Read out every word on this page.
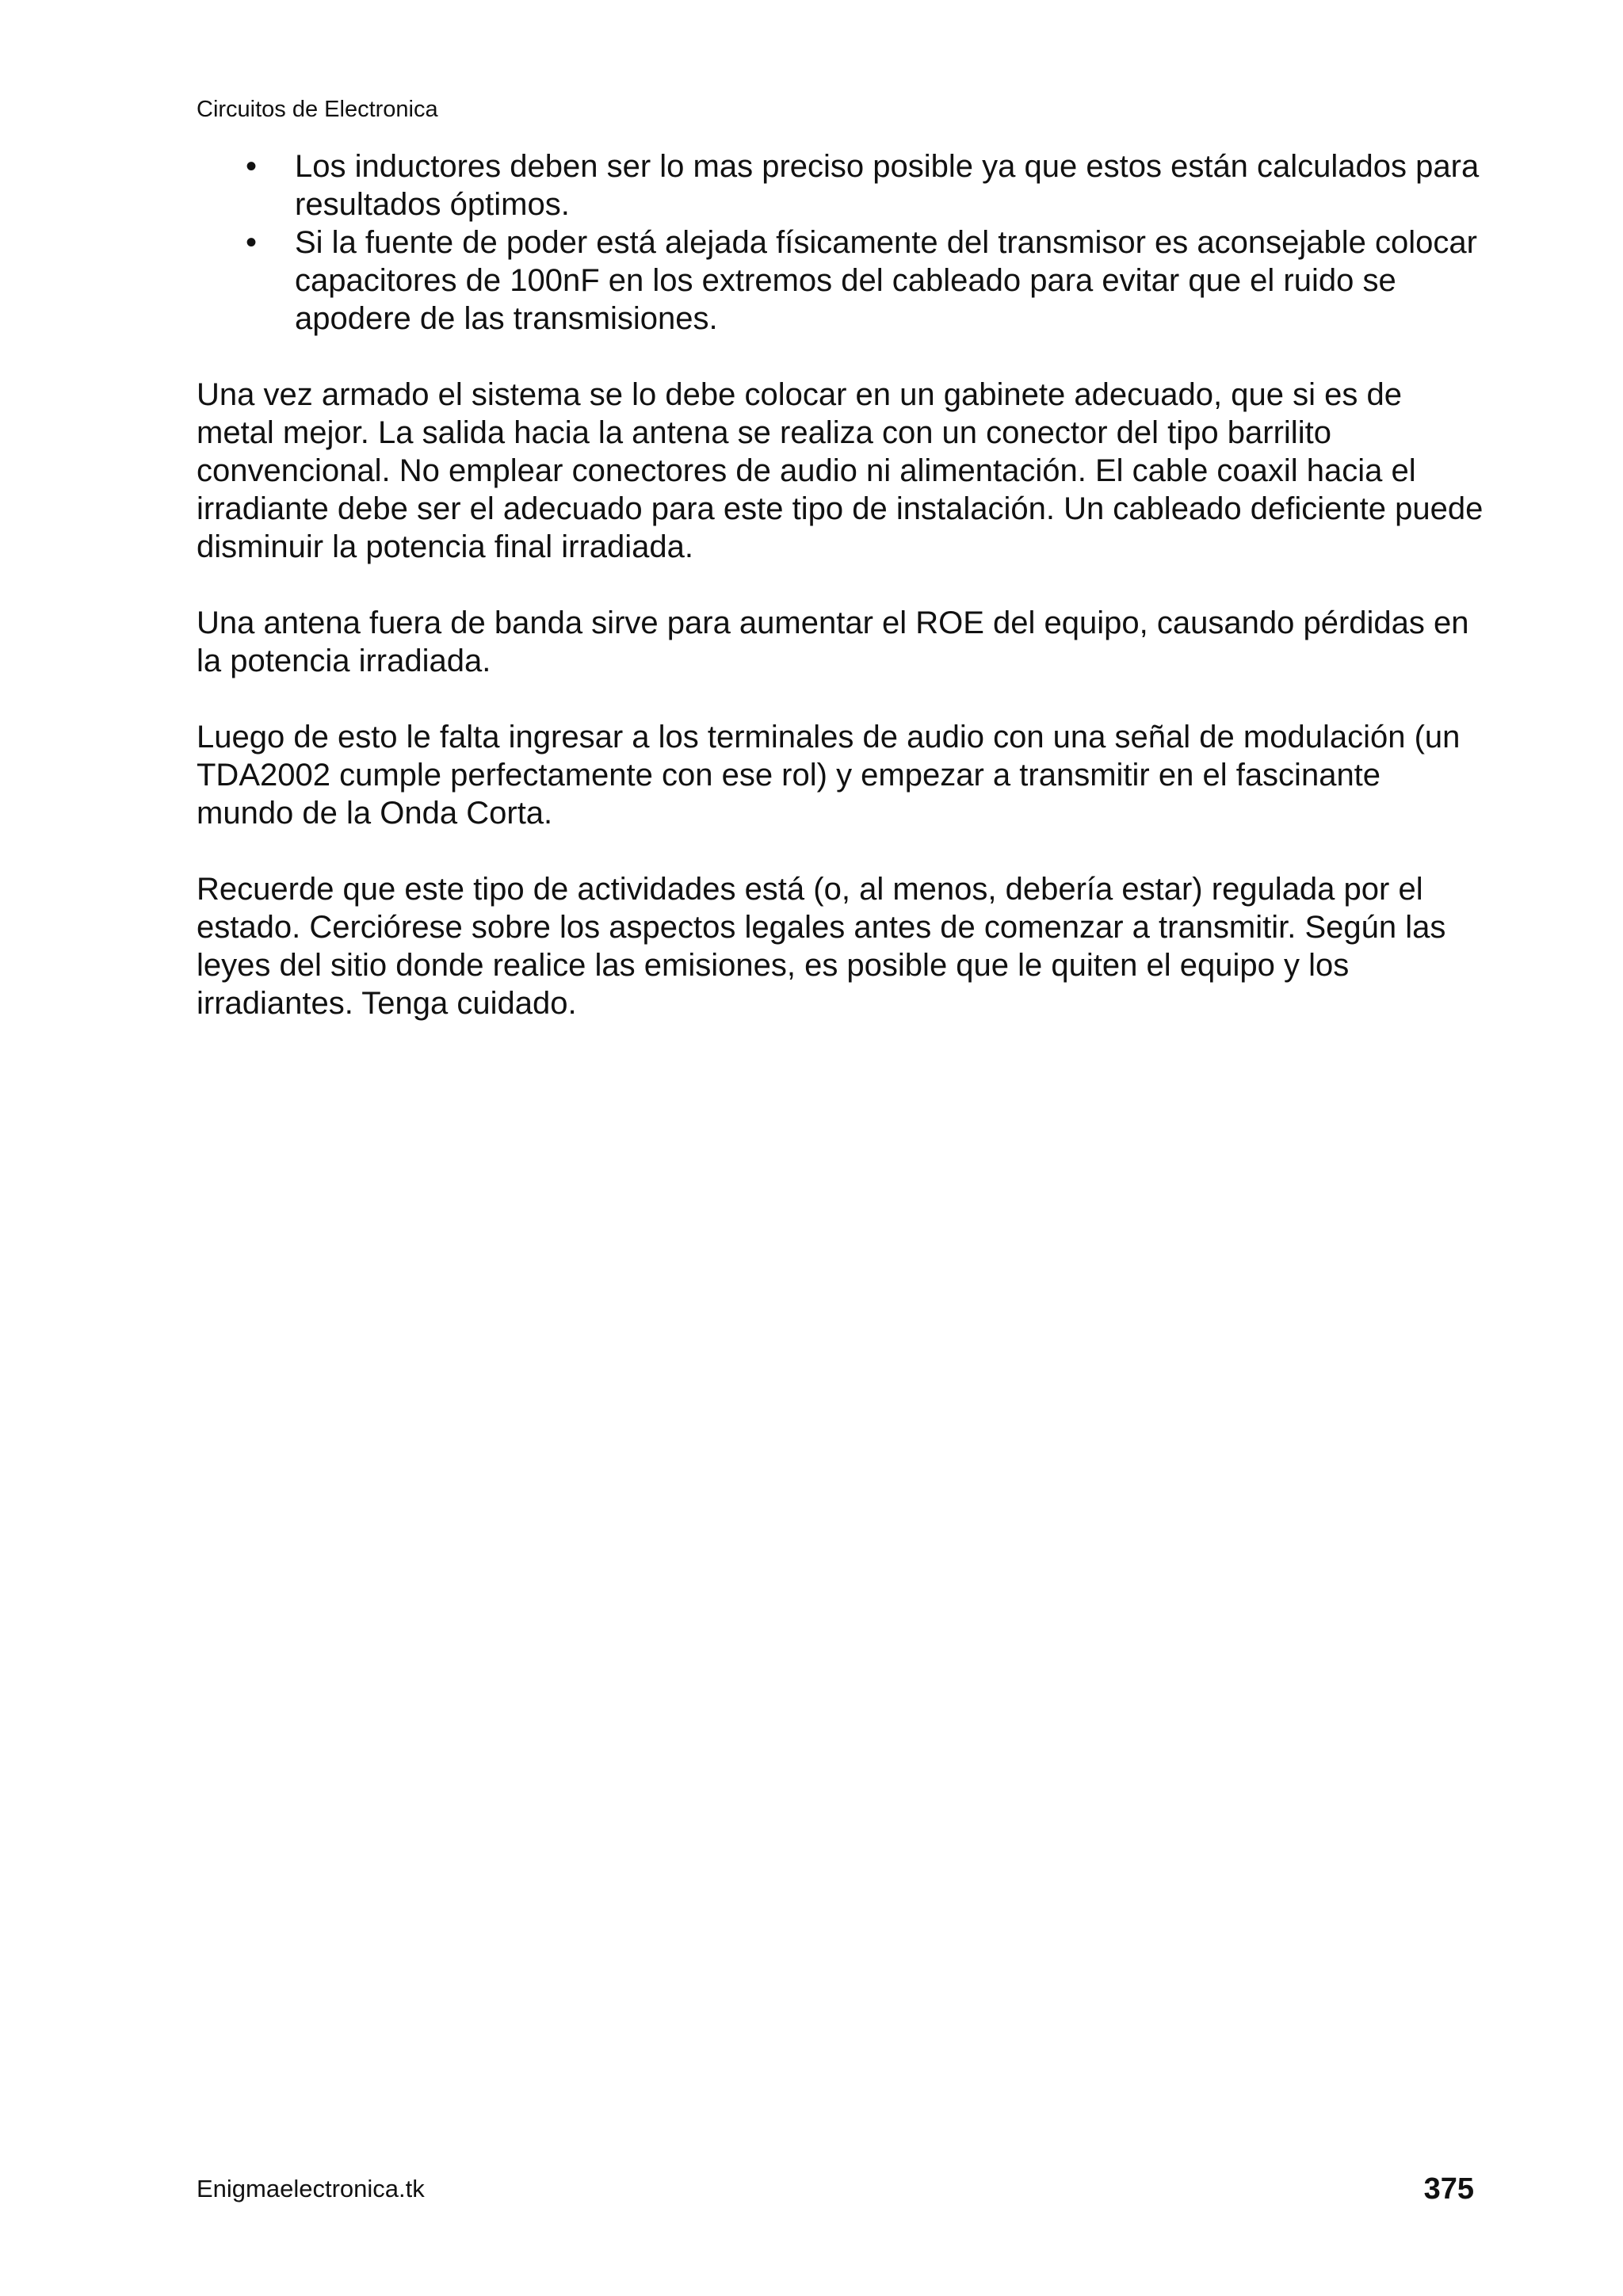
Circuitos de Electronica
• Los inductores deben ser lo mas preciso posible ya que estos están calculados para resultados óptimos.
• Si la fuente de poder está alejada físicamente del transmisor es aconsejable colocar capacitores de 100nF en los extremos del cableado para evitar que el ruido se apodere de las transmisiones.

Una vez armado el sistema se lo debe colocar en un gabinete adecuado, que si es de metal mejor. La salida hacia la antena se realiza con un conector del tipo barrilito convencional. No emplear conectores de audio ni alimentación. El cable coaxil hacia el irradiante debe ser el adecuado para este tipo de instalación. Un cableado deficiente puede disminuir la potencia final irradiada.

Una antena fuera de banda sirve para aumentar el ROE del equipo, causando pérdidas en la potencia irradiada.

Luego de esto le falta ingresar a los terminales de audio con una señal de modulación (un TDA2002 cumple perfectamente con ese rol) y empezar a transmitir en el fascinante mundo de la Onda Corta.

Recuerde que este tipo de actividades está (o, al menos, debería estar) regulada por el estado. Cerciórese sobre los aspectos legales antes de comenzar a transmitir. Según las leyes del sitio donde realice las emisiones, es posible que le quiten el equipo y los irradiantes. Tenga cuidado.

Enigmaelectronica.tk	375
